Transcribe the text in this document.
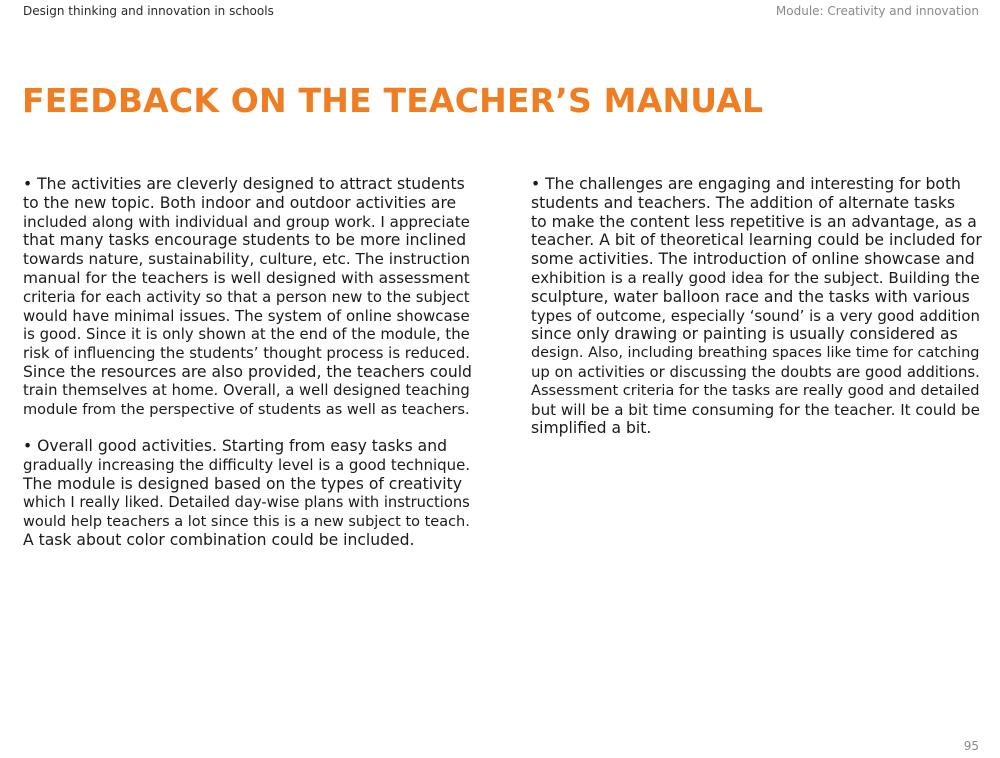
Design thinking and innovation in schools	Module: Creativity and innovation
FEEDBACK ON THE TEACHER’S MANUAL

• The activities are cleverly designed to attract students
to the new topic. Both indoor and outdoor activities are
included along with individual and group work. I appreciate
that many tasks encourage students to be more inclined
towards nature, sustainability, culture, etc. The instruction
manual for the teachers is well designed with assessment
criteria for each activity so that a person new to the subject
would have minimal issues. The system of online showcase
is good. Since it is only shown at the end of the module, the
risk of influencing the students’ thought process is reduced.
Since the resources are also provided, the teachers could
train themselves at home. Overall, a well designed teaching
module from the perspective of students as well as teachers.

• Overall good activities. Starting from easy tasks and
gradually increasing the difficulty level is a good technique.
The module is designed based on the types of creativity
which I really liked. Detailed day-wise plans with instructions
would help teachers a lot since this is a new subject to teach.
A task about color combination could be included.

• The challenges are engaging and interesting for both
students and teachers. The addition of alternate tasks
to make the content less repetitive is an advantage, as a
teacher. A bit of theoretical learning could be included for
some activities. The introduction of online showcase and
exhibition is a really good idea for the subject. Building the
sculpture, water balloon race and the tasks with various
types of outcome, especially ‘sound’ is a very good addition
since only drawing or painting is usually considered as
design. Also, including breathing spaces like time for catching
up on activities or discussing the doubts are good additions.
Assessment criteria for the tasks are really good and detailed
but will be a bit time consuming for the teacher. It could be
simplified a bit.

95
